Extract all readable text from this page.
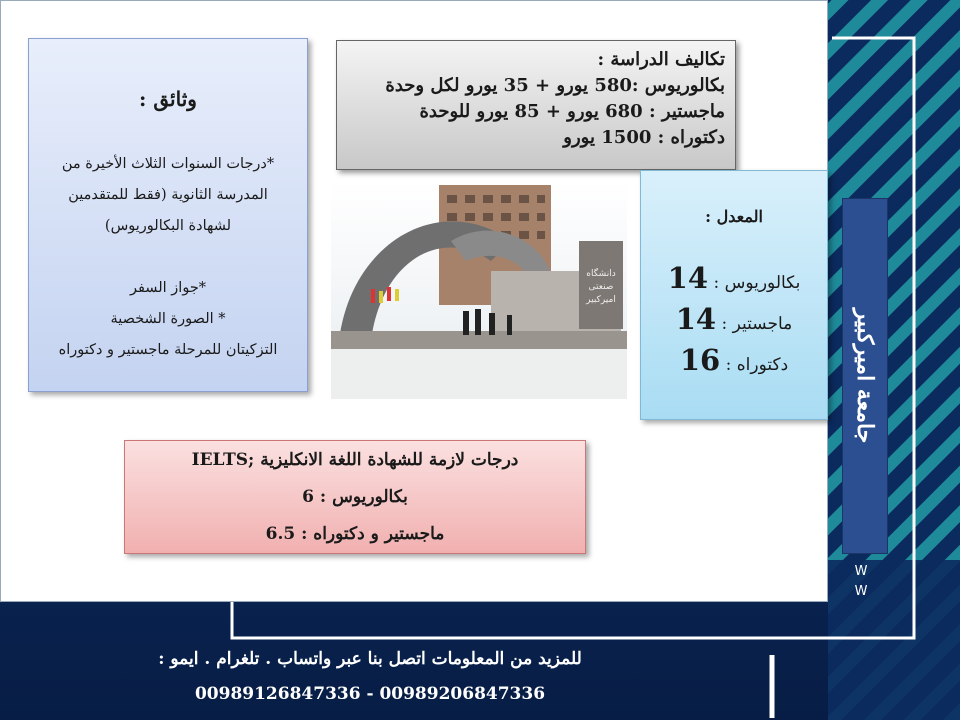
وثائق :
*درجات السنوات الثلاث الأخيرة من
المدرسة الثانوية (فقط للمتقدمين
لشهادة البكالوريوس)

*جواز السفر
* الصورة الشخصية
التزكيتان للمرحلة ماجستير و دكتوراه
تكاليف الدراسة :
بكالوريوس :580 يورو + 35 يورو لكل وحدة
ماجستير : 680 يورو + 85 يورو للوحدة
دكتوراه : 1500 يورو
دانشگاه
صنعتی
امیرکبیر
المعدل :
بكالوريوس : 14
ماجستير : 14
دكتوراه : 16
درجات لازمة للشهادة اللغة الانكليزية ;IELTS
بكالوريوس : 6
ماجستير و دكتوراه : 6.5
جامعة اميركبير
W
W
للمزيد من المعلومات اتصل بنا عبر واتساب . تلغرام . ايمو :
00989126847336 - 00989206847336
